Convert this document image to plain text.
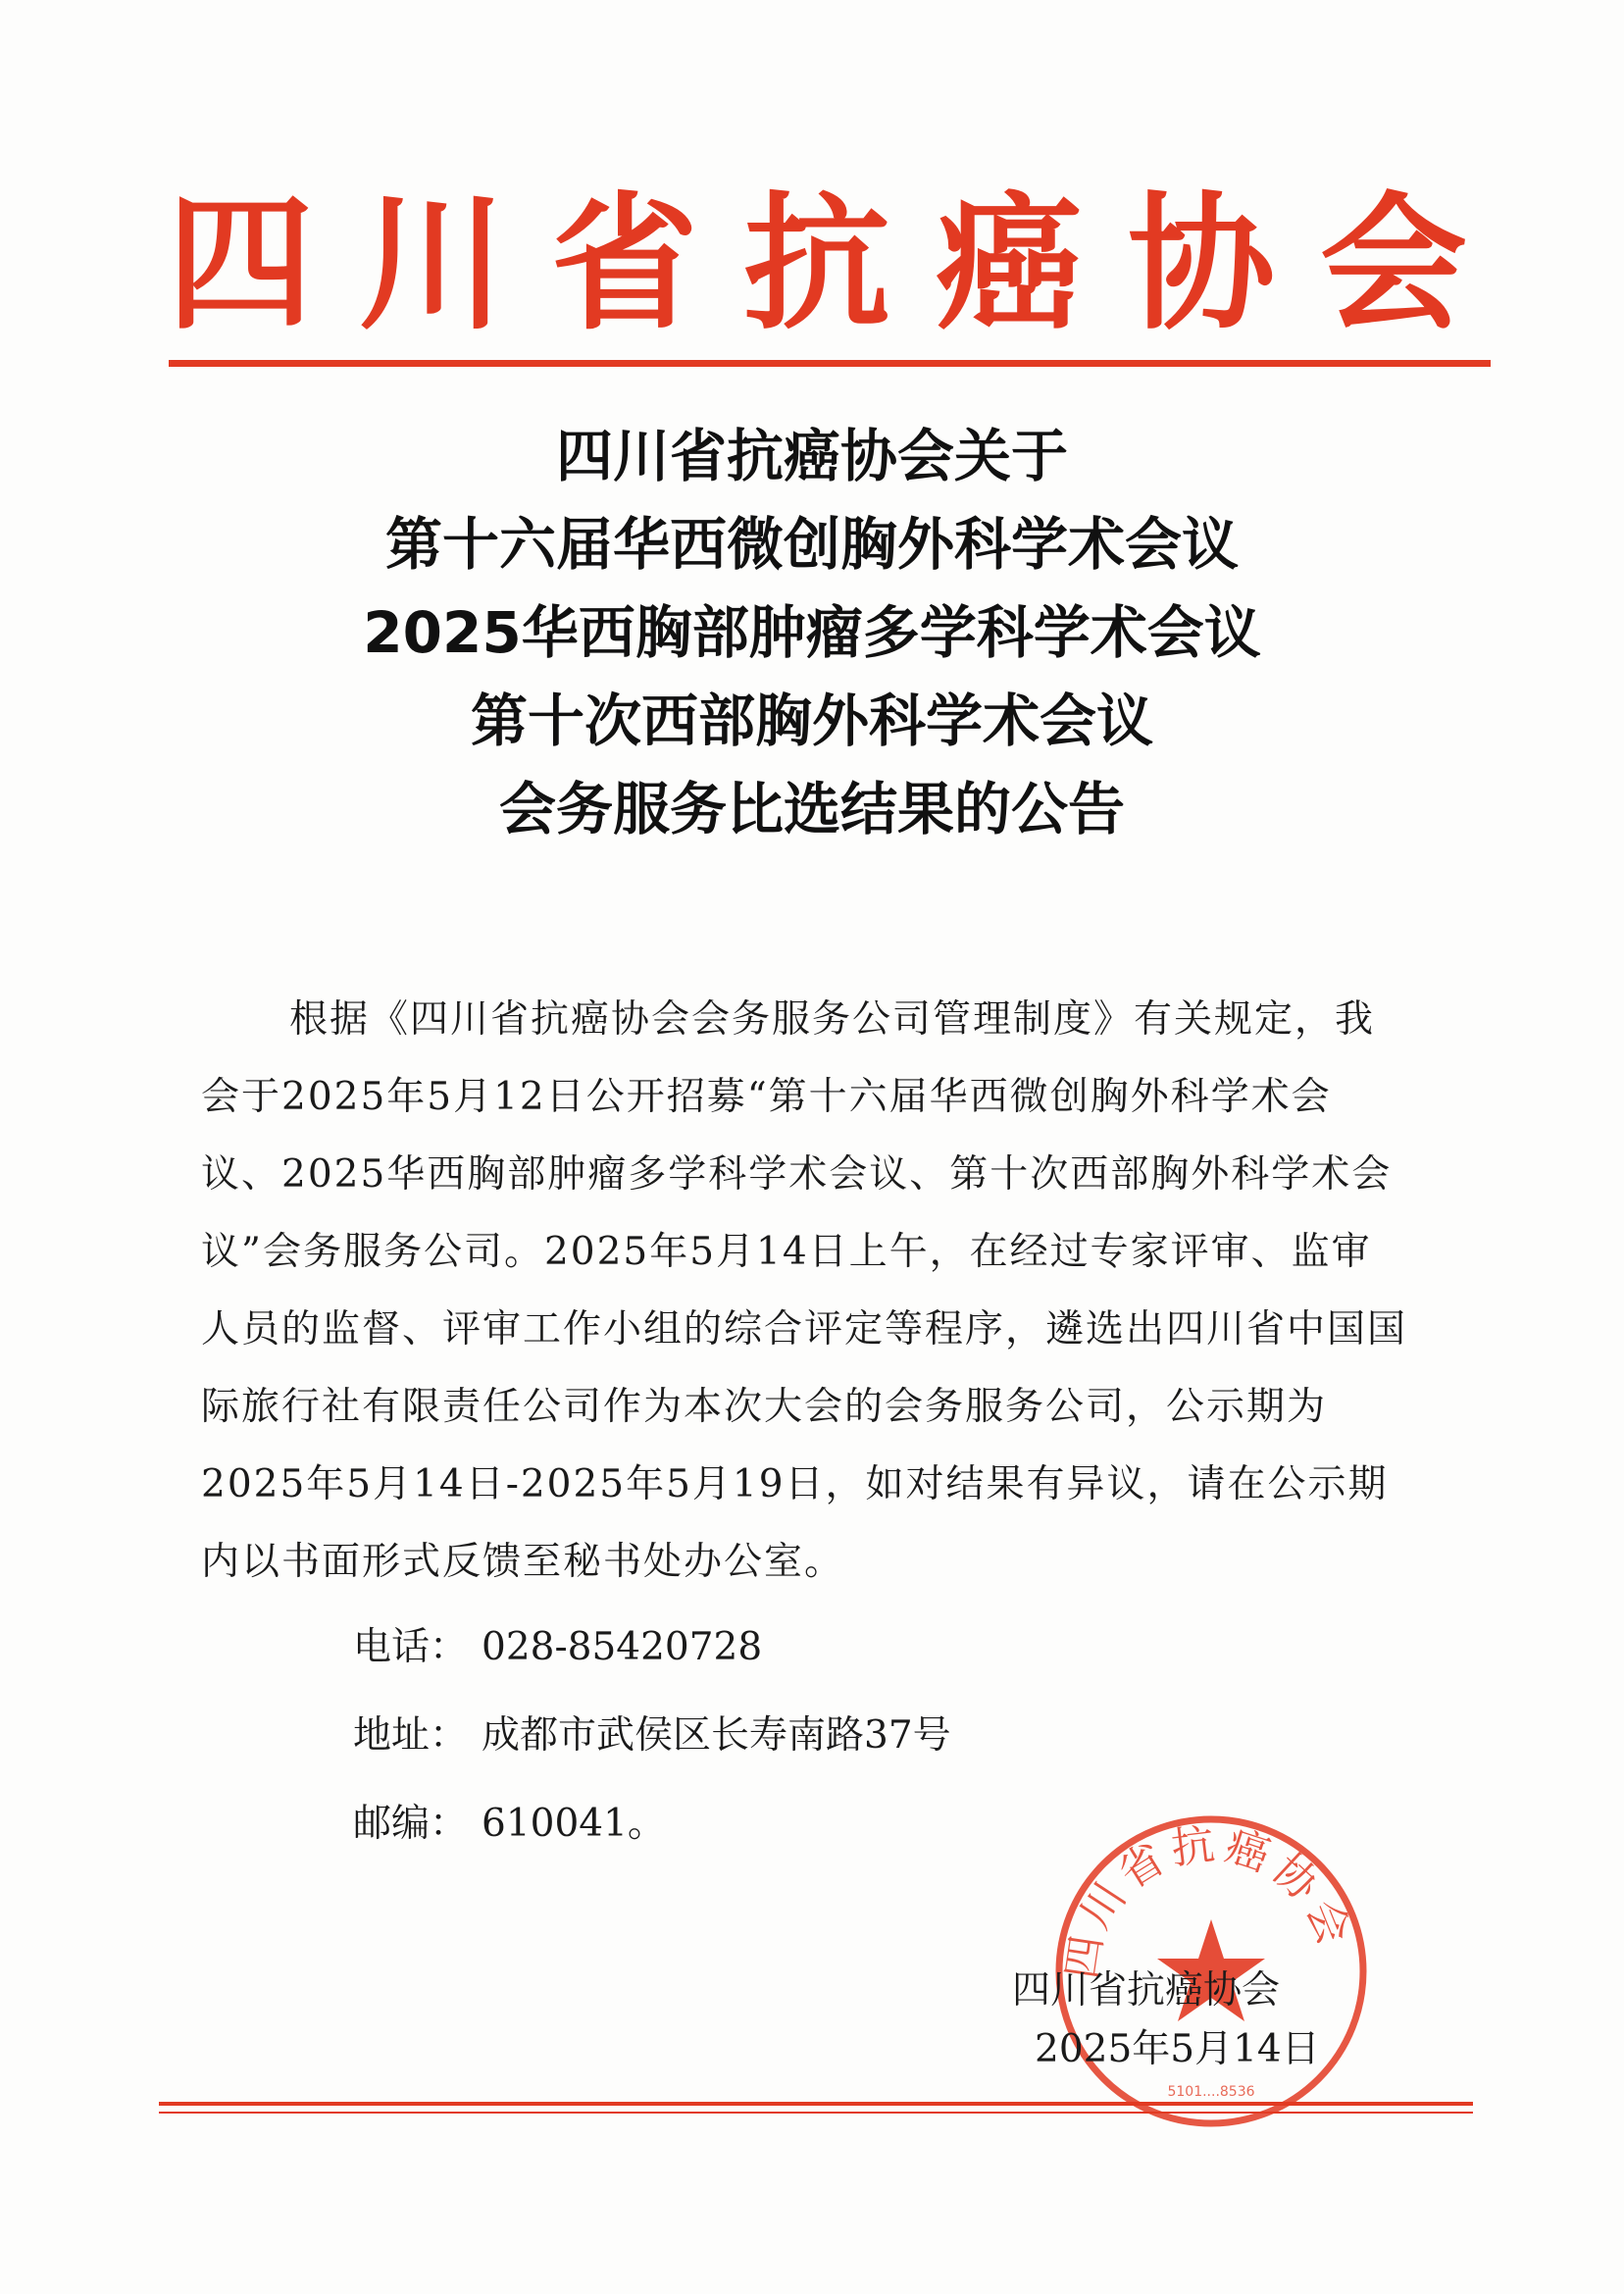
四川省抗癌协会
四川省抗癌协会关于
第十六届华西微创胸外科学术会议
2025华西胸部肿瘤多学科学术会议
第十次西部胸外科学术会议
会务服务比选结果的公告

根据《四川省抗癌协会会务服务公司管理制度》有关规定，我会于2025年5月12日公开招募“第十六届华西微创胸外科学术会议、2025华西胸部肿瘤多学科学术会议、第十次西部胸外科学术会议”会务服务公司。2025年5月14日上午，在经过专家评审、监审人员的监督、评审工作小组的综合评定等程序，遴选出四川省中国国际旅行社有限责任公司作为本次大会的会务服务公司，公示期为2025年5月14日-2025年5月19日，如对结果有异议，请在公示期内以书面形式反馈至秘书处办公室。

电话： 028-85420728
地址： 成都市武侯区长寿南路37号
邮编： 610041。
四川省抗癌协会
5101....8536
四川省抗癌协会
2025年5月14日
